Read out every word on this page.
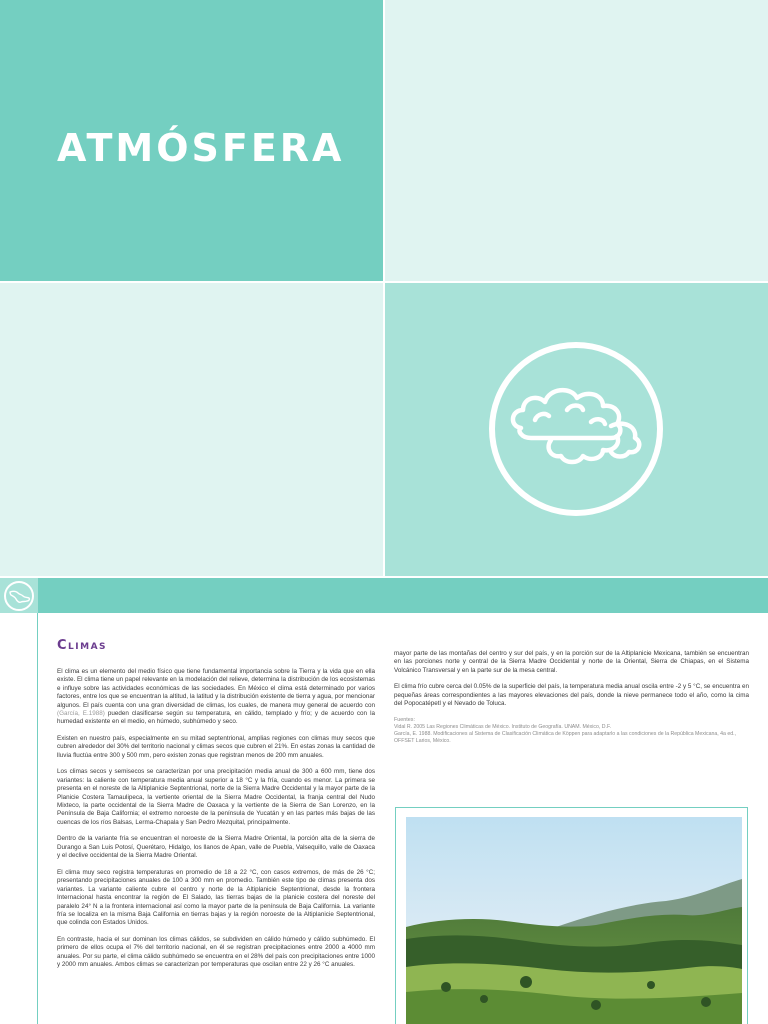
ATMÓSFERA
Climas

El clima es un elemento del medio físico que tiene fundamental importancia sobre la Tierra y la vida que en ella existe. El clima tiene un papel relevante en la modelación del relieve, determina la distribución de los ecosistemas e influye sobre las actividades económicas de las sociedades. En México el clima está determinado por varios factores, entre los que se encuentran la altitud, la latitud y la distribución existente de tierra y agua, por mencionar algunos. El país cuenta con una gran diversidad de climas, los cuales, de manera muy general de acuerdo con (García, E.1988) pueden clasificarse según su temperatura, en cálido, templado y frío; y de acuerdo con la humedad existente en el medio, en húmedo, subhúmedo y seco.

Existen en nuestro país, especialmente en su mitad septentrional, amplias regiones con climas muy secos que cubren alrededor del 30% del territorio nacional y climas secos que cubren el 21%. En estas zonas la cantidad de lluvia fluctúa entre 300 y 500 mm, pero existen zonas que registran menos de 200 mm anuales.

Los climas secos y semisecos se caracterizan por una precipitación media anual de 300 a 600 mm, tiene dos variantes: la caliente con temperatura media anual superior a 18 °C y la fría, cuando es menor. La primera se presenta en el noreste de la Altiplanicie Septentrional, norte de la Sierra Madre Occidental y la mayor parte de la Planicie Costera Tamaulipeca, la vertiente oriental de la Sierra Madre Occidental, la franja central del Nudo Mixteco, la parte occidental de la Sierra Madre de Oaxaca y la vertiente de la Sierra de San Lorenzo, en la Península de Baja California; el extremo noroeste de la península de Yucatán y en las partes más bajas de las cuencas de los ríos Balsas, Lerma-Chapala y San Pedro Mezquital, principalmente.

Dentro de la variante fría se encuentran el noroeste de la Sierra Madre Oriental, la porción alta de la sierra de Durango a San Luis Potosí, Querétaro, Hidalgo, los llanos de Apan, valle de Puebla, Valsequillo, valle de Oaxaca y el declive occidental de la Sierra Madre Oriental.

El clima muy seco registra temperaturas en promedio de 18 a 22 °C, con casos extremos, de más de 26 °C; presentando precipitaciones anuales de 100 a 300 mm en promedio. También este tipo de climas presenta dos variantes. La variante caliente cubre el centro y norte de la Altiplanicie Septentrional, desde la frontera Internacional hasta encontrar la región de El Salado, las tierras bajas de la planicie costera del noreste del paralelo 24° N a la frontera internacional así como la mayor parte de la península de Baja California. La variante fría se localiza en la misma Baja California en tierras bajas y la región noroeste de la Altiplanicie Septentrional, que colinda con Estados Unidos.

En contraste, hacia el sur dominan los climas cálidos, se subdividen en cálido húmedo y cálido subhúmedo. El primero de ellos ocupa el 7% del territorio nacional, en él se registran precipitaciones entre 2000 a 4000 mm anuales. Por su parte, el clima cálido subhúmedo se encuentra en el 28% del país con precipitaciones entre 1000 y 2000 mm anuales. Ambos climas se caracterizan por temperaturas que oscilan entre 22 y 26 °C anuales.

mayor parte de las montañas del centro y sur del país, y en la porción sur de la Altiplanicie Mexicana, también se encuentran en las porciones norte y central de la Sierra Madre Occidental y norte de la Oriental, Sierra de Chiapas, en el Sistema Volcánico Transversal y en la parte sur de la mesa central.

El clima frío cubre cerca del 0.05% de la superficie del país, la temperatura media anual oscila entre -2 y 5 °C, se encuentra en pequeñas áreas correspondientes a las mayores elevaciones del país, donde la nieve permanece todo el año, como la cima del Popocatépetl y el Nevado de Toluca.

Fuentes:
Vidal R. 2005 Las Regiones Climáticas de México. Instituto de Geografía. UNAM. México, D.F.
García, E. 1988. Modificaciones al Sistema de Clasificación Climática de Köppen para adaptarlo a las condiciones de la República Mexicana, 4a ed., OFFSET Larios, México.
